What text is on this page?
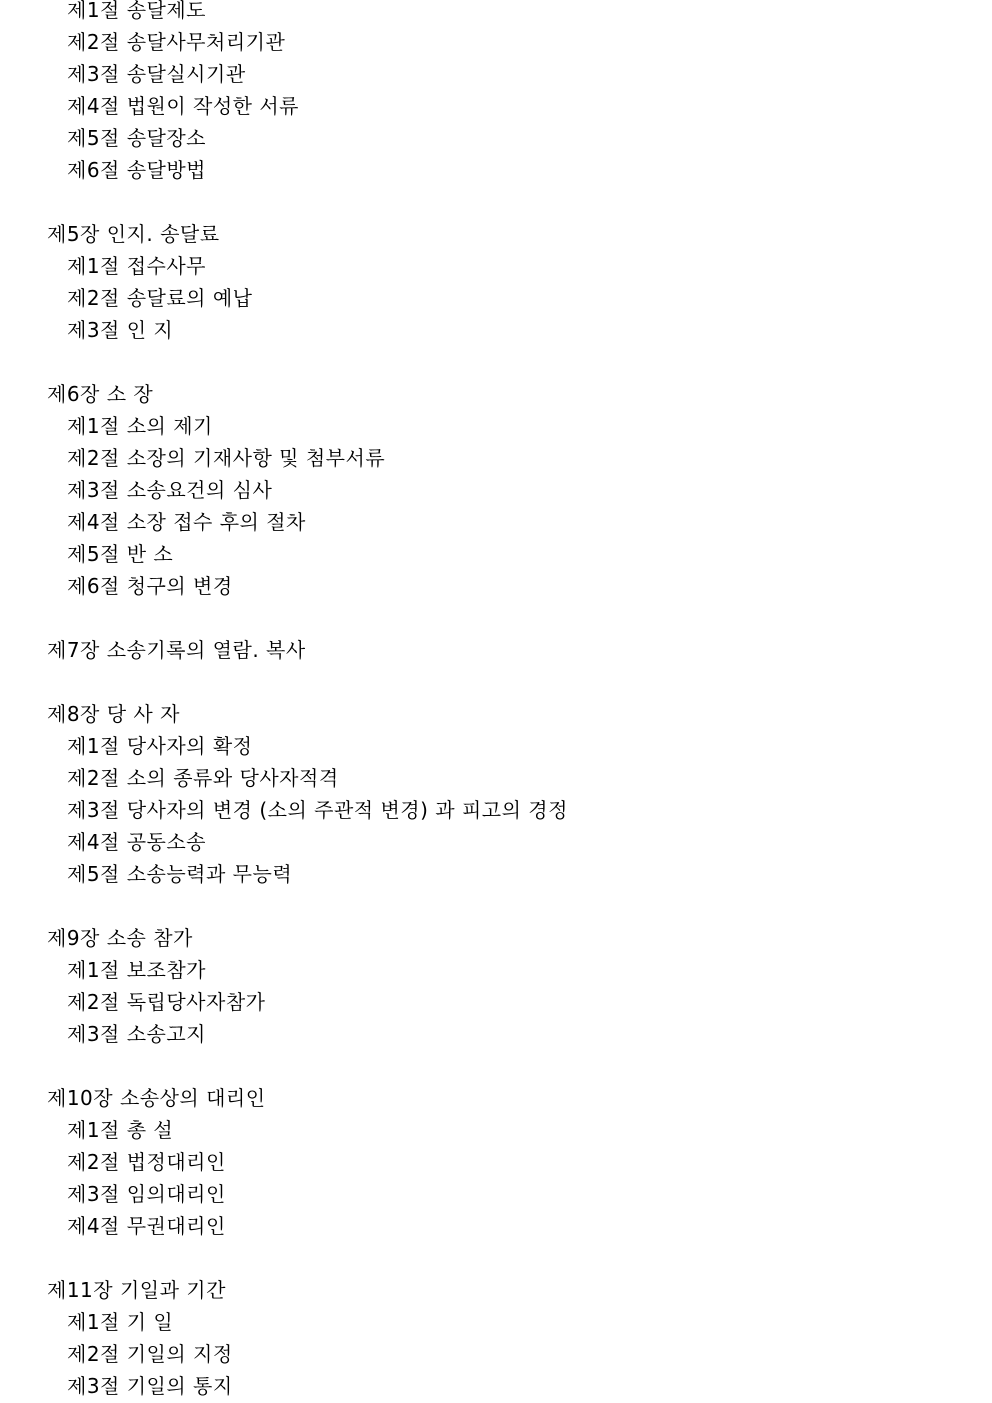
제1절 송달제도
제2절 송달사무처리기관
제3절 송달실시기관
제4절 법원이 작성한 서류
제5절 송달장소
제6절 송달방법
제5장 인지. 송달료
제1절 접수사무
제2절 송달료의 예납
제3절 인 지
제6장 소 장
제1절 소의 제기
제2절 소장의 기재사항 및 첨부서류
제3절 소송요건의 심사
제4절 소장 접수 후의 절차
제5절 반 소
제6절 청구의 변경
제7장 소송기록의 열람. 복사
제8장 당 사 자
제1절 당사자의 확정
제2절 소의 종류와 당사자적격
제3절 당사자의 변경 (소의 주관적 변경) 과 피고의 경정
제4절 공동소송
제5절 소송능력과 무능력
제9장 소송 참가
제1절 보조참가
제2절 독립당사자참가
제3절 소송고지
제10장 소송상의 대리인
제1절 총 설
제2절 법정대리인
제3절 임의대리인
제4절 무권대리인
제11장 기일과 기간
제1절 기 일
제2절 기일의 지정
제3절 기일의 통지
